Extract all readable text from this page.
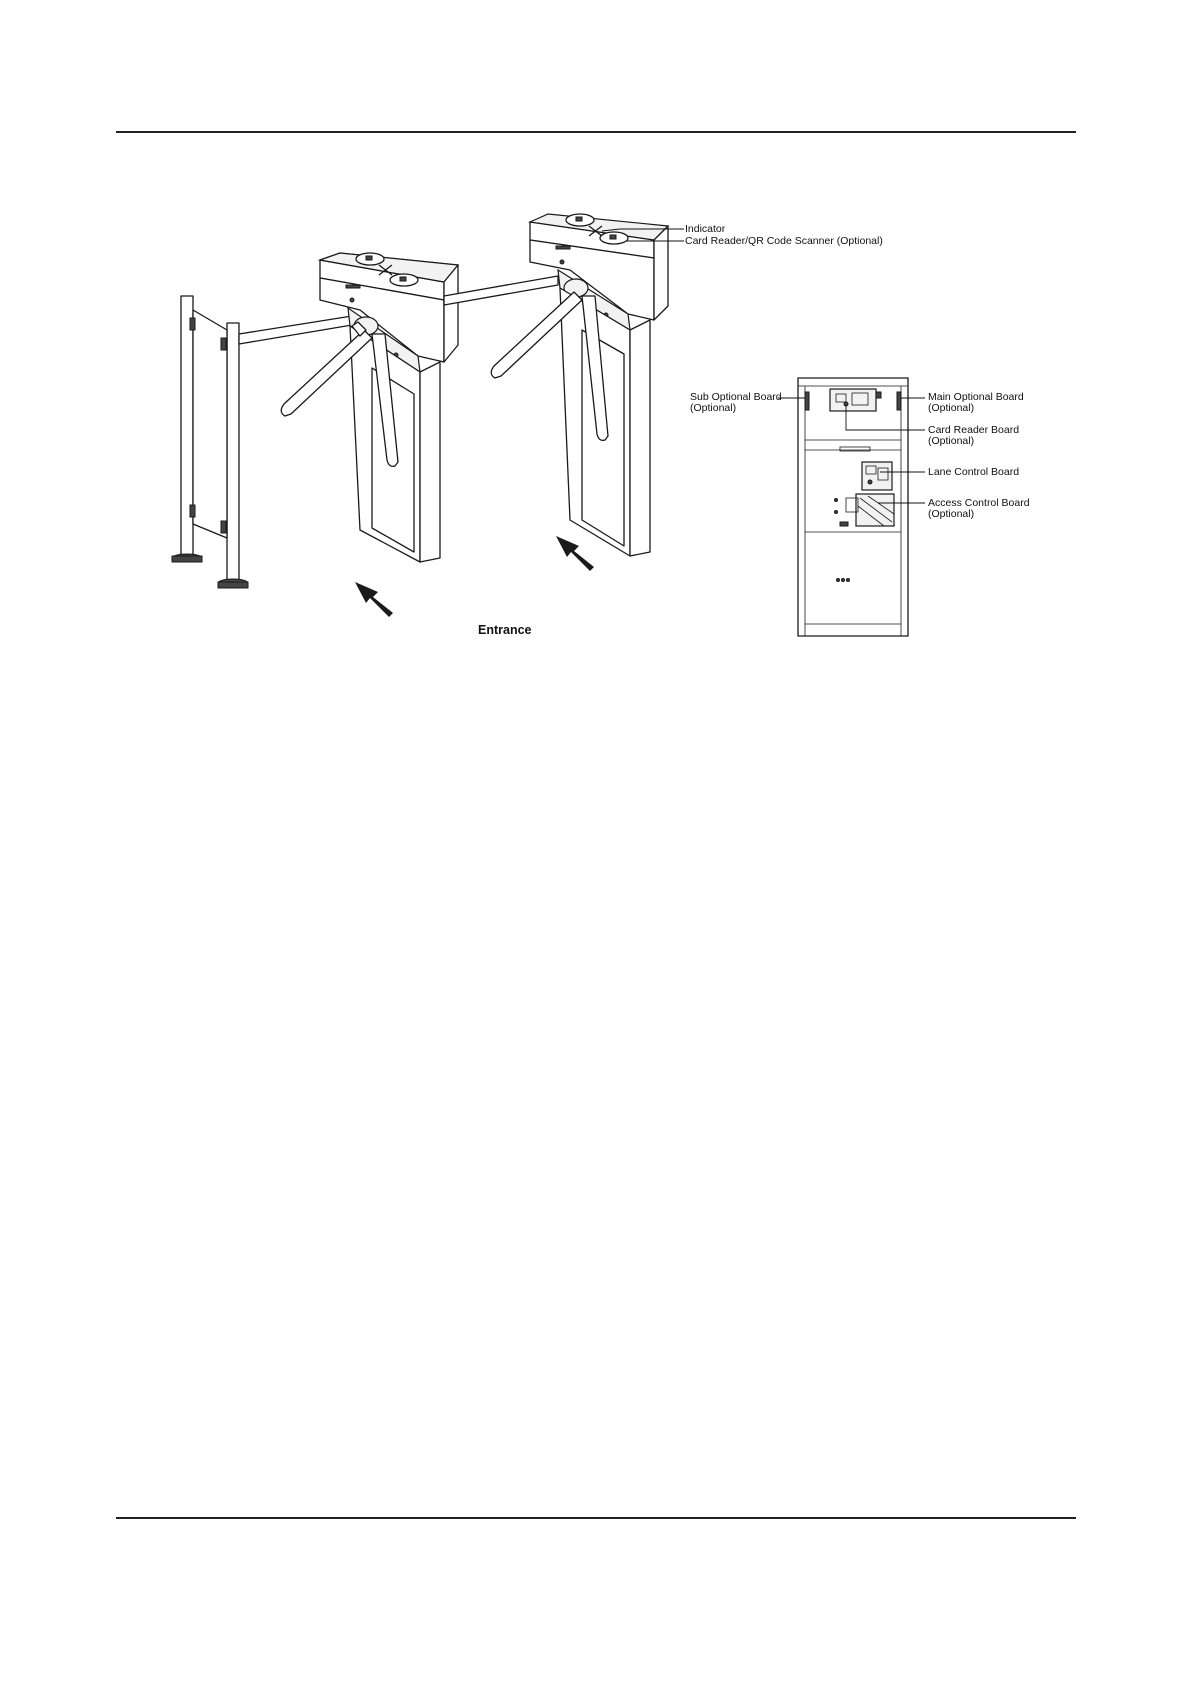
Entrance
Indicator
Card Reader/QR Code Scanner (Optional)
Sub Optional Board
(Optional)
Main Optional Board
(Optional)
Card Reader Board
(Optional)
Lane Control Board
Access Control Board
(Optional)
